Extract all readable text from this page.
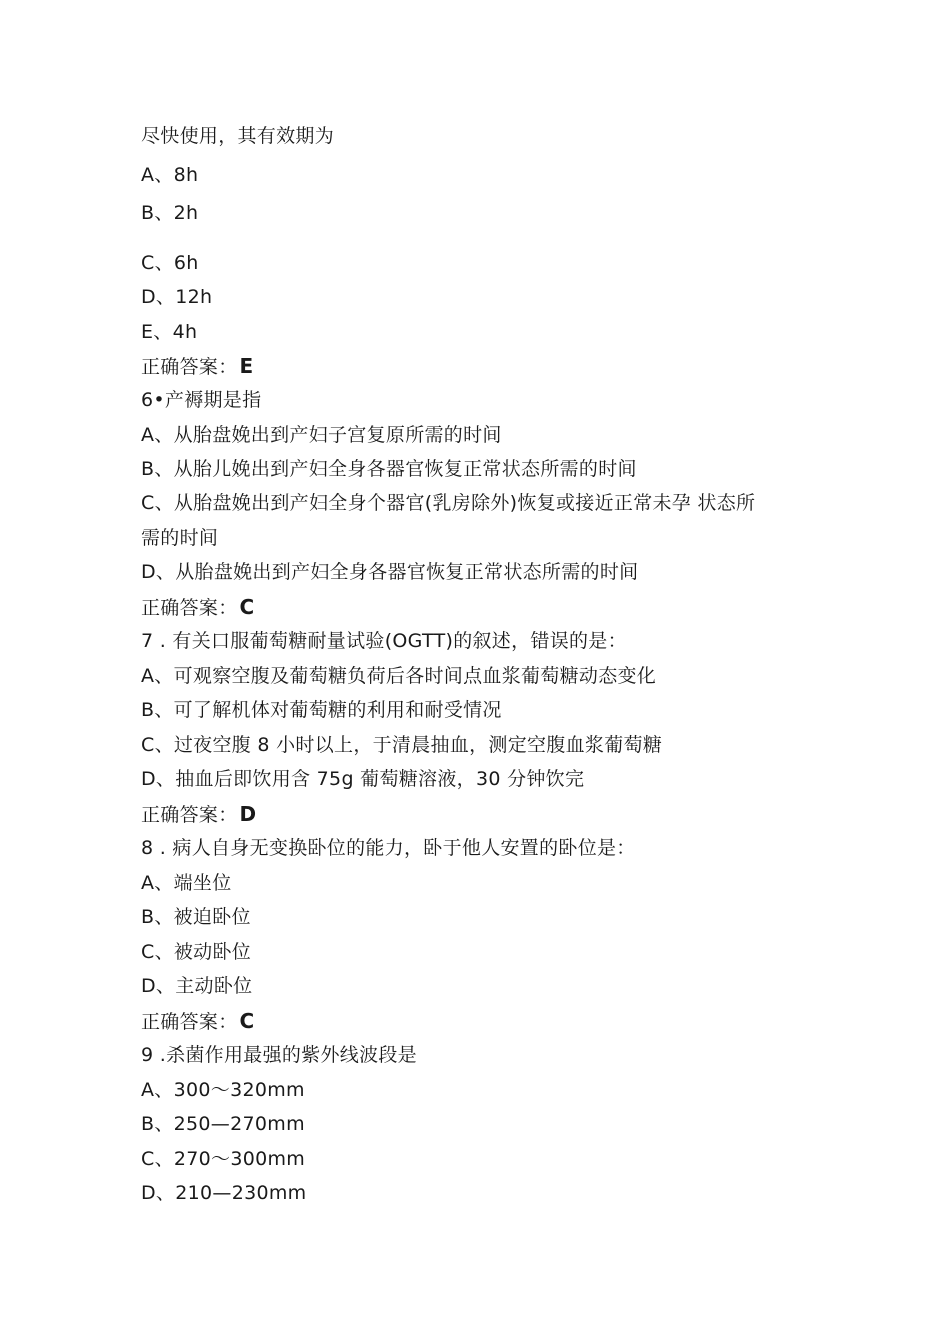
尽快使用，其有效期为
A、8h
B、2h
C、6h
D、12h
E、4h
正确答案： E
6•产褥期是指
A、从胎盘娩出到产妇子宫复原所需的时间
B、从胎儿娩出到产妇全身各器官恢复正常状态所需的时间
C、从胎盘娩出到产妇全身个器官(乳房除外)恢复或接近正常未孕 状态所
需的时间
D、从胎盘娩出到产妇全身各器官恢复正常状态所需的时间
正确答案： C
7 . 有关口服葡萄糖耐量试验(OGTT)的叙述，错误的是：
A、可观察空腹及葡萄糖负荷后各时间点血浆葡萄糖动态变化
B、可了解机体对葡萄糖的利用和耐受情况
C、过夜空腹 8 小时以上，于清晨抽血，测定空腹血浆葡萄糖
D、抽血后即饮用含 75g 葡萄糖溶液，30 分钟饮完
正确答案： D
8 . 病人自身无变换卧位的能力，卧于他人安置的卧位是：
A、端坐位
B、被迫卧位
C、被动卧位
D、主动卧位
正确答案： C
9 .杀菌作用最强的紫外线波段是
A、300〜320mm
B、250—270mm
C、270〜300mm
D、210—230mm
